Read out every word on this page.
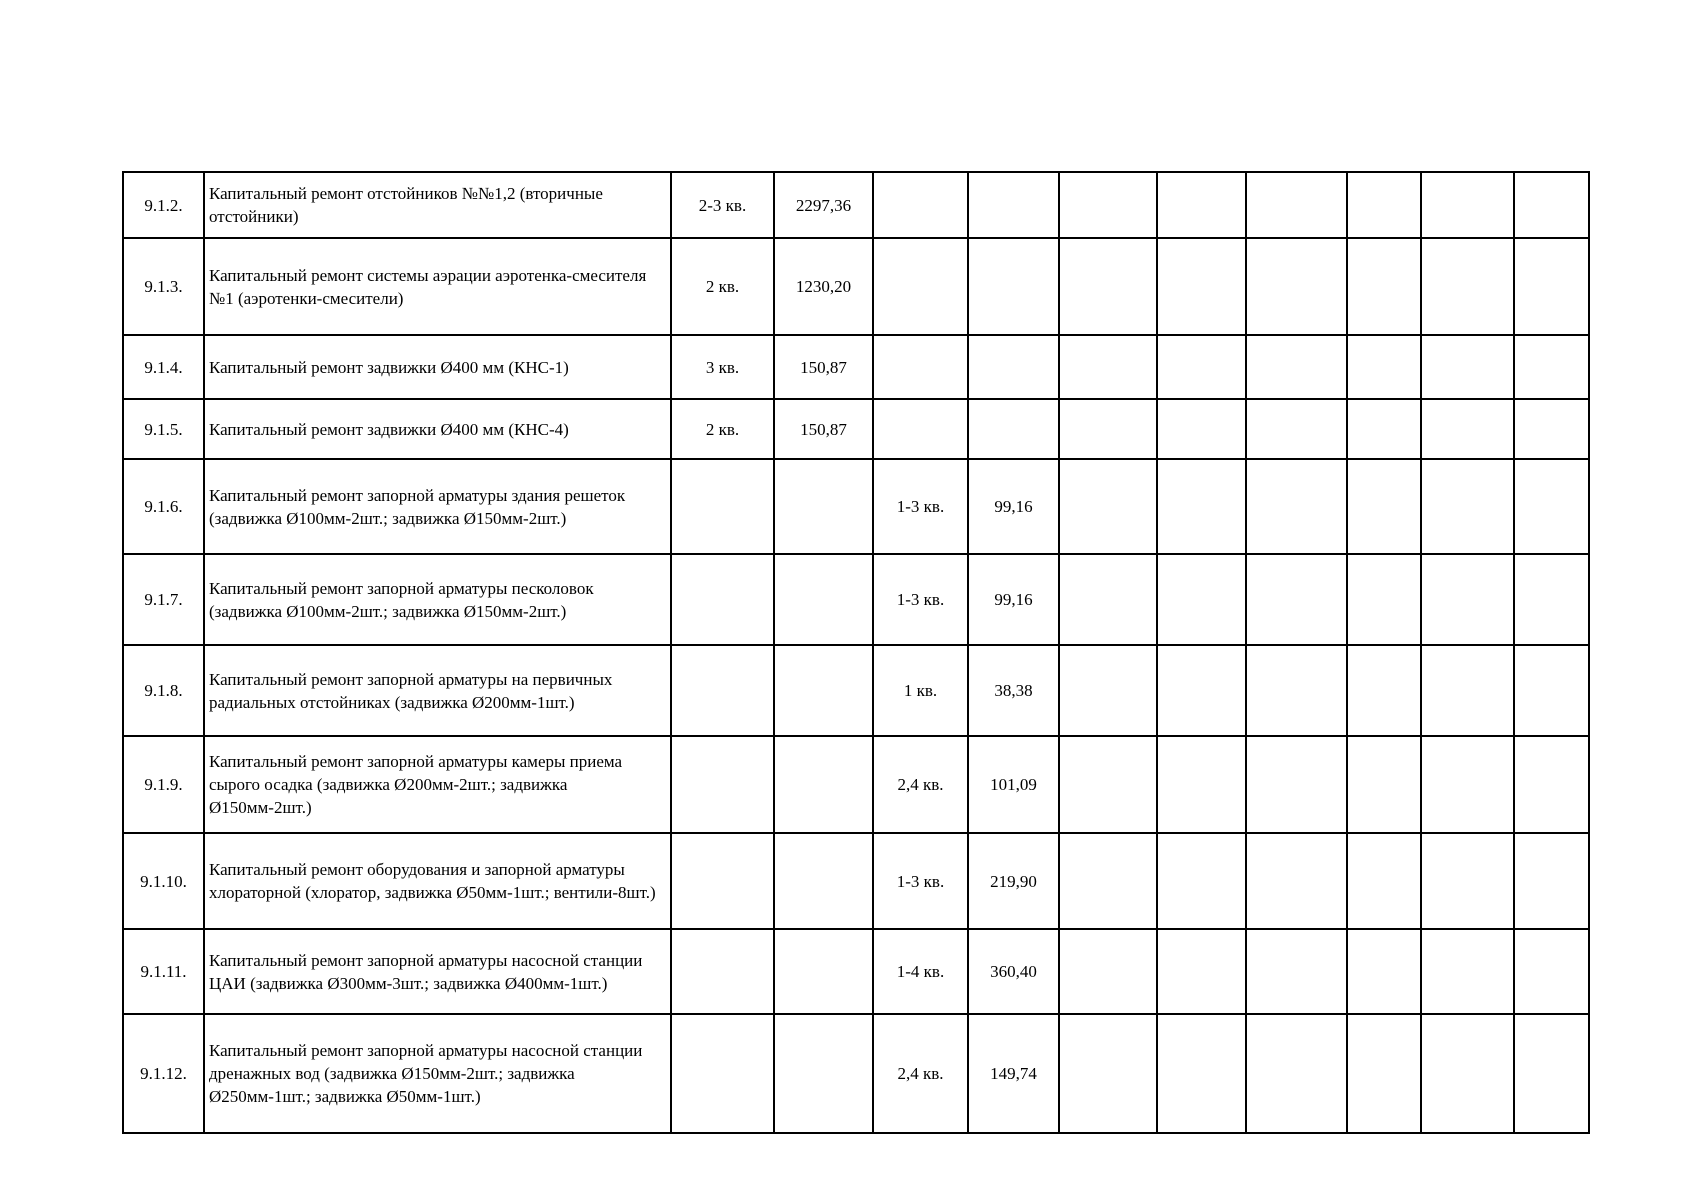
9.1.2.	Капитальный ремонт отстойников №№1,2 (вторичные отстойники)	2-3 кв.	2297,36								
9.1.3.	Капитальный ремонт системы аэрации аэротенка-смесителя №1 (аэротенки-смесители)	2 кв.	1230,20								
9.1.4.	Капитальный ремонт задвижки Ø400 мм (КНС-1)	3 кв.	150,87								
9.1.5.	Капитальный ремонт задвижки Ø400 мм (КНС-4)	2 кв.	150,87								
9.1.6.	Капитальный ремонт запорной арматуры здания решеток (задвижка Ø100мм-2шт.; задвижка Ø150мм-2шт.)			1-3 кв.	99,16						
9.1.7.	Капитальный ремонт запорной арматуры песколовок (задвижка Ø100мм-2шт.; задвижка Ø150мм-2шт.)			1-3 кв.	99,16						
9.1.8.	Капитальный ремонт запорной арматуры на первичных радиальных отстойниках (задвижка Ø200мм-1шт.)			1 кв.	38,38						
9.1.9.	Капитальный ремонт запорной арматуры камеры приема сырого осадка (задвижка Ø200мм-2шт.; задвижка Ø150мм-2шт.)			2,4 кв.	101,09						
9.1.10.	Капитальный ремонт оборудования и запорной арматуры хлораторной (хлоратор, задвижка Ø50мм-1шт.; вентили-8шт.)			1-3 кв.	219,90						
9.1.11.	Капитальный ремонт запорной арматуры насосной станции ЦАИ (задвижка Ø300мм-3шт.; задвижка Ø400мм-1шт.)			1-4 кв.	360,40						
9.1.12.	Капитальный ремонт запорной арматуры насосной станции дренажных вод (задвижка Ø150мм-2шт.; задвижка Ø250мм-1шт.; задвижка Ø50мм-1шт.)			2,4 кв.	149,74						
